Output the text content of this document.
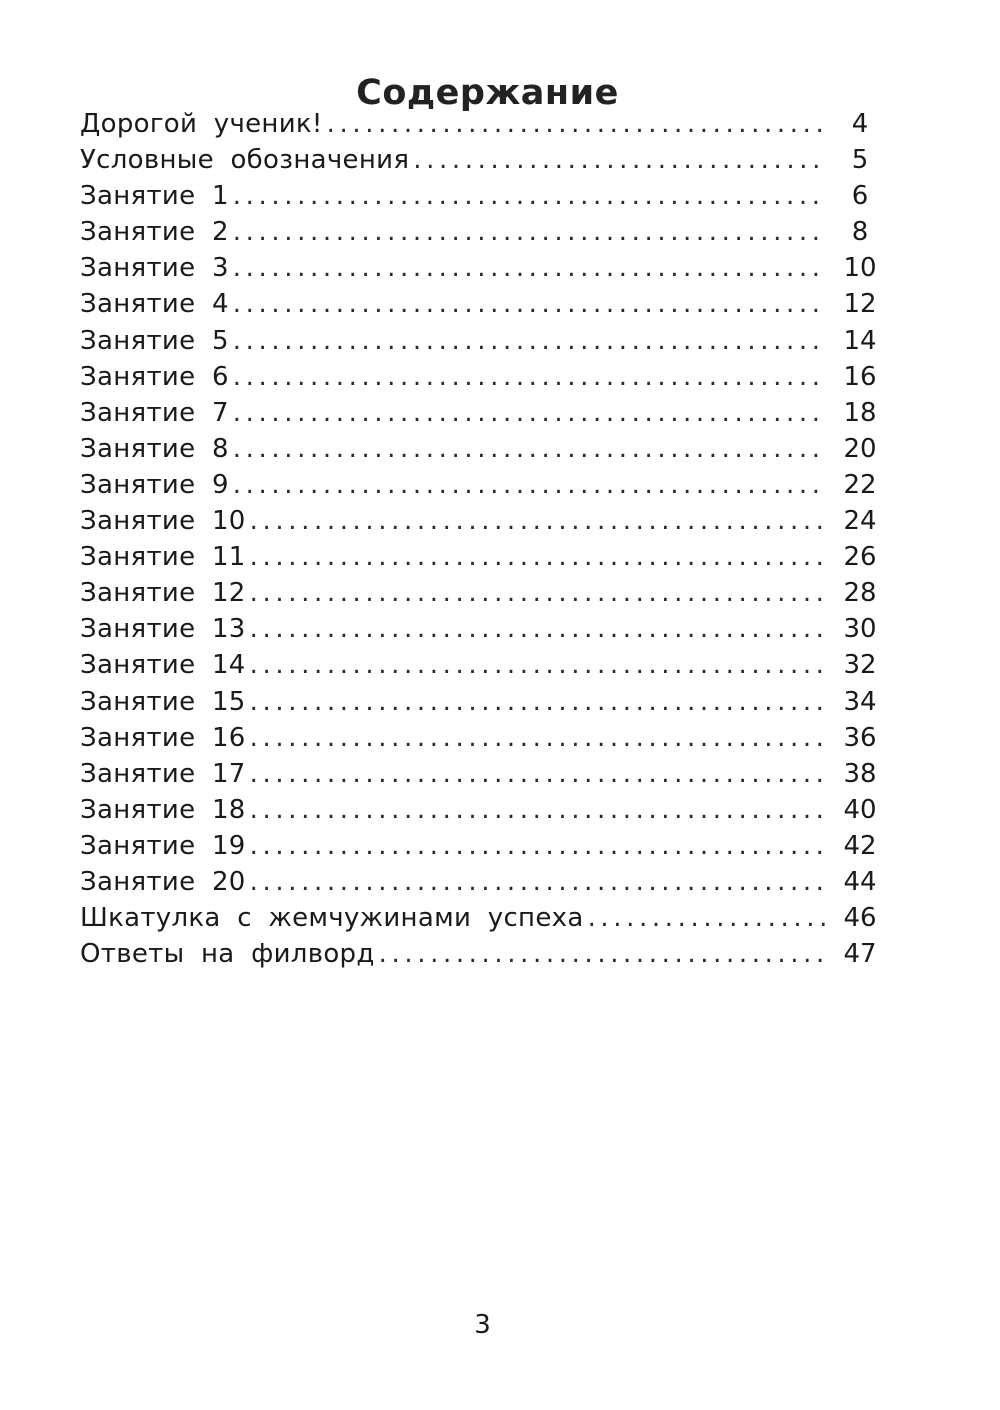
Содержание
Дорогой ученик! .....	4
Условные обозначения .....	5
Занятие 1 .....	6
Занятие 2 .....	8
Занятие 3 .....	10
Занятие 4 .....	12
Занятие 5 .....	14
Занятие 6 .....	16
Занятие 7 .....	18
Занятие 8 .....	20
Занятие 9 .....	22
Занятие 10 .....	24
Занятие 11 .....	26
Занятие 12 .....	28
Занятие 13 .....	30
Занятие 14 .....	32
Занятие 15 .....	34
Занятие 16 .....	36
Занятие 17 .....	38
Занятие 18 .....	40
Занятие 19 .....	42
Занятие 20 .....	44
Шкатулка с жемчужинами успеха .....	46
Ответы на филворд .....	47
3
